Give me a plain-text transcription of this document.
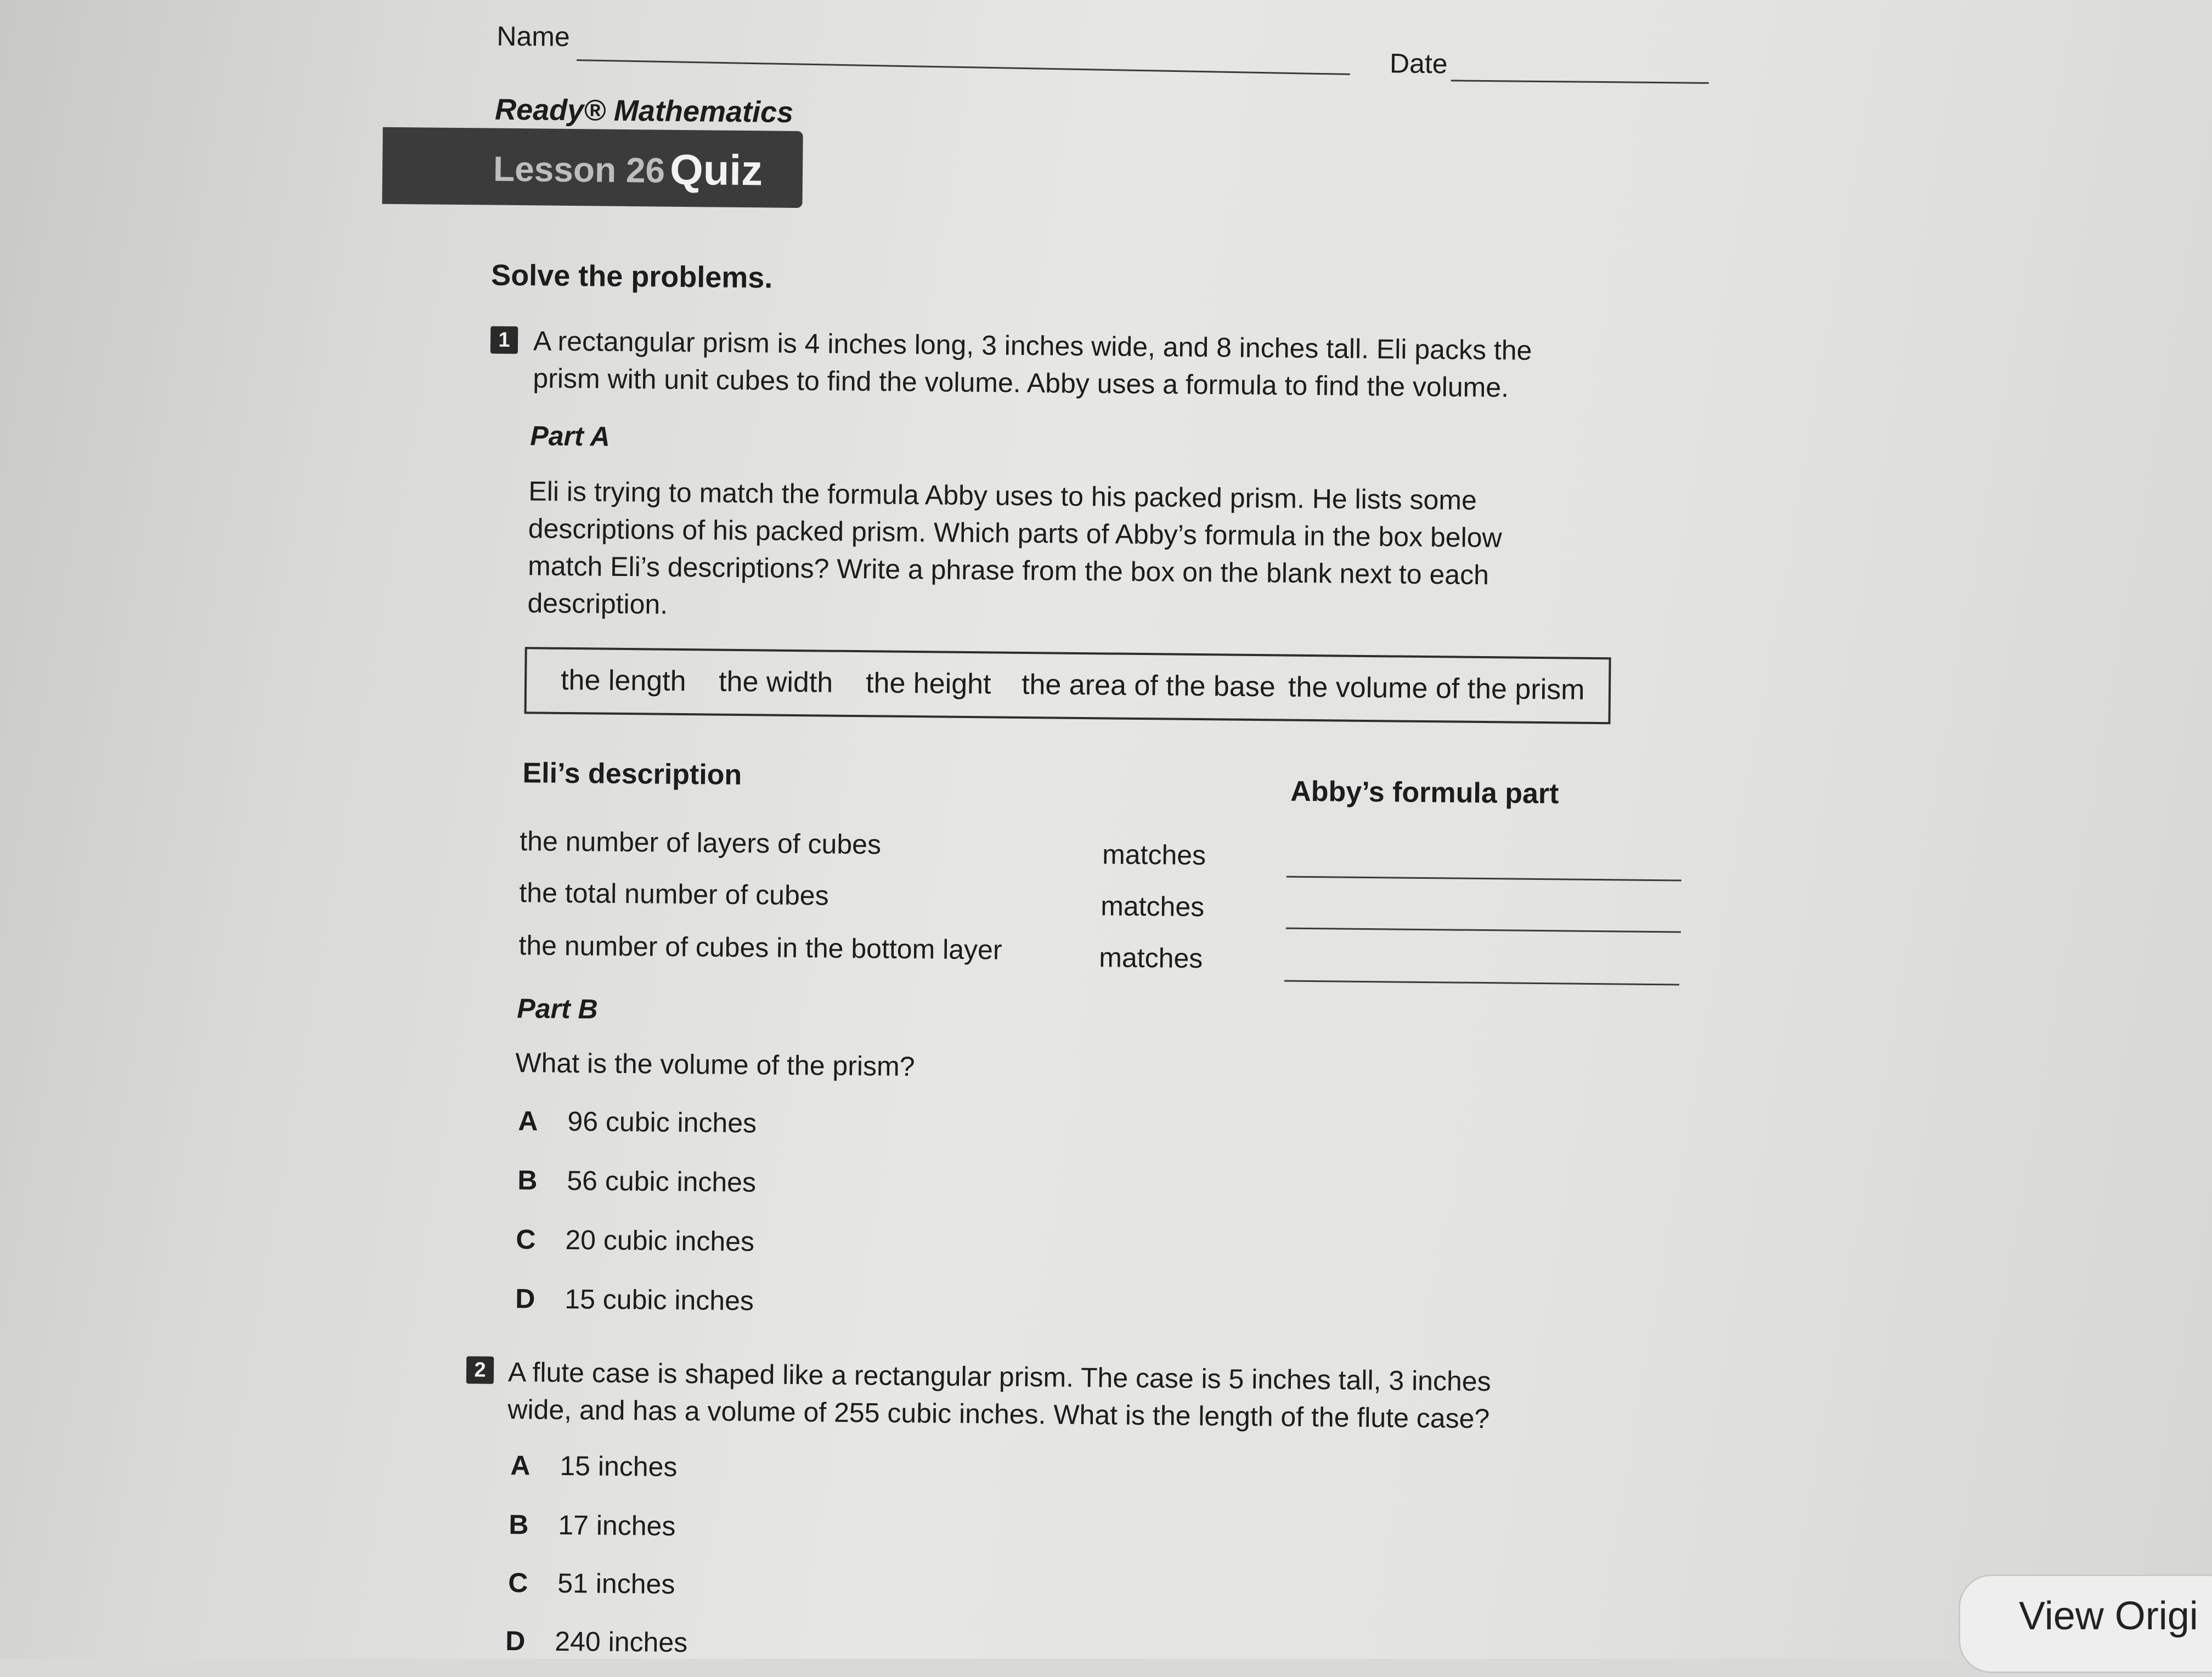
Name
Date
Ready® Mathematics
Lesson 26 Quiz
Solve the problems.
1 A rectangular prism is 4 inches long, 3 inches wide, and 8 inches tall. Eli packs the
prism with unit cubes to find the volume. Abby uses a formula to find the volume.
Part A
Eli is trying to match the formula Abby uses to his packed prism. He lists some
descriptions of his packed prism. Which parts of Abby’s formula in the box below
match Eli’s descriptions? Write a phrase from the box on the blank next to each
description.
the length the width the height the area of the base the volume of the prism
Eli’s description
Abby’s formula part
the number of layers of cubes	matches
the total number of cubes	matches
the number of cubes in the bottom layer	matches
Part B
What is the volume of the prism?
A 96 cubic inches
B 56 cubic inches
C 20 cubic inches
D 15 cubic inches
2 A flute case is shaped like a rectangular prism. The case is 5 inches tall, 3 inches
wide, and has a volume of 255 cubic inches. What is the length of the flute case?
A 15 inches
B 17 inches
C 51 inches
D 240 inches
View Origi
